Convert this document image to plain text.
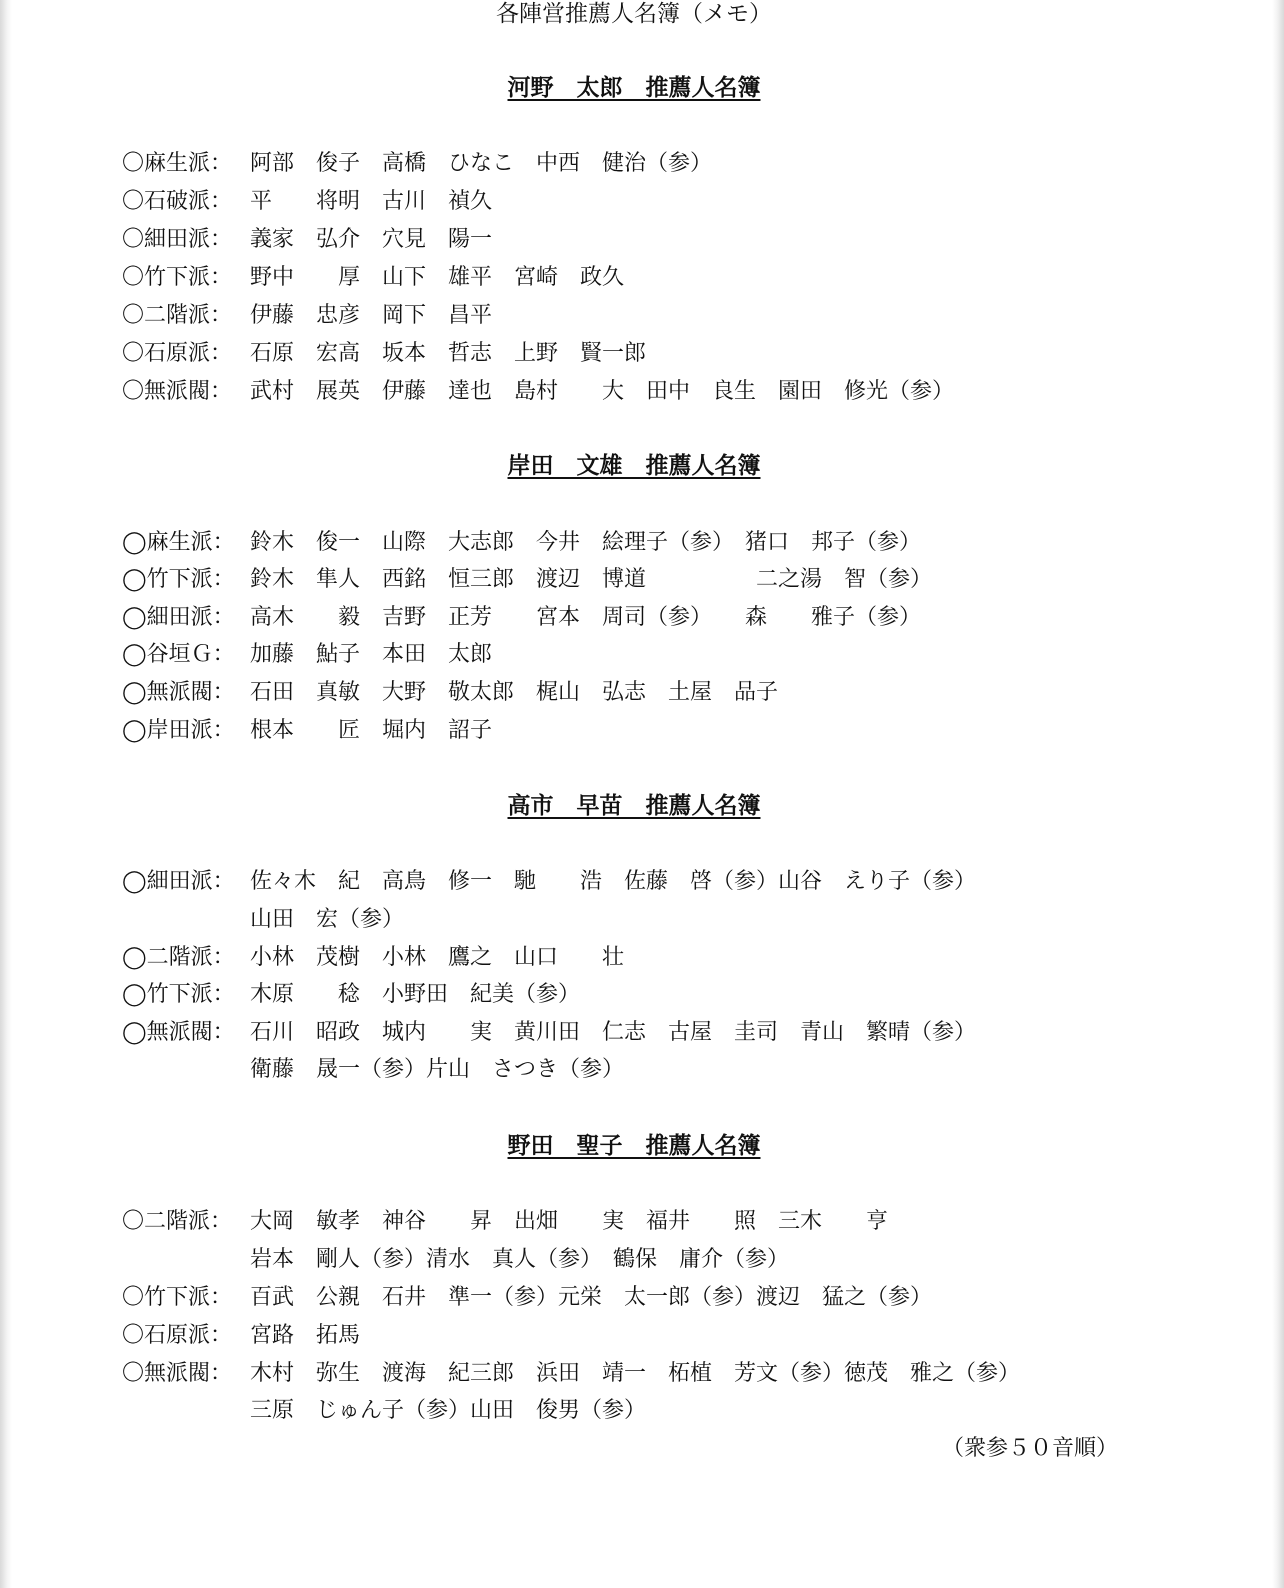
各陣営推薦人名簿（メモ）
河野　太郎　推薦人名簿
〇麻生派： 阿部　俊子　高橋　ひなこ　中西　健治（参）
〇石破派： 平　　将明　古川　禎久
〇細田派： 義家　弘介　穴見　陽一
〇竹下派： 野中　　厚　山下　雄平　宮崎　政久
〇二階派： 伊藤　忠彦　岡下　昌平
〇石原派： 石原　宏高　坂本　哲志　上野　賢一郎
〇無派閥： 武村　展英　伊藤　達也　島村　　大　田中　良生　園田　修光（参）
岸田　文雄　推薦人名簿
◯麻生派： 鈴木　俊一　山際　大志郎　今井　絵理子（参）　猪口　邦子（参）
◯竹下派： 鈴木　隼人　西銘　恒三郎　渡辺　博道　　　　　二之湯　智（参）
◯細田派： 高木　　毅　吉野　正芳　　宮本　周司（参）　　森　　雅子（参）
◯谷垣Ｇ： 加藤　鮎子　本田　太郎
◯無派閥： 石田　真敏　大野　敬太郎　梶山　弘志　土屋　品子
◯岸田派： 根本　　匠　堀内　詔子
高市　早苗　推薦人名簿
◯細田派： 佐々木　紀　高鳥　修一　馳　　浩　佐藤　啓（参）山谷　えり子（参）
山田　宏（参）
◯二階派： 小林　茂樹　小林　鷹之　山口　　壮
◯竹下派： 木原　　稔　小野田　紀美（参）
◯無派閥： 石川　昭政　城内　　実　黄川田　仁志　古屋　圭司　青山　繁晴（参）
衛藤　晟一（参）片山　さつき（参）
野田　聖子　推薦人名簿
〇二階派： 大岡　敏孝　神谷　　昇　出畑　　実　福井　　照　三木　　亨
岩本　剛人（参）清水　真人（参）　鶴保　庸介（参）
〇竹下派： 百武　公親　石井　準一（参）元栄　太一郎（参）渡辺　猛之（参）
〇石原派： 宮路　拓馬
〇無派閥： 木村　弥生　渡海　紀三郎　浜田　靖一　柘植　芳文（参）徳茂　雅之（参）
三原　じゅん子（参）山田　俊男（参）
（衆参５０音順）
